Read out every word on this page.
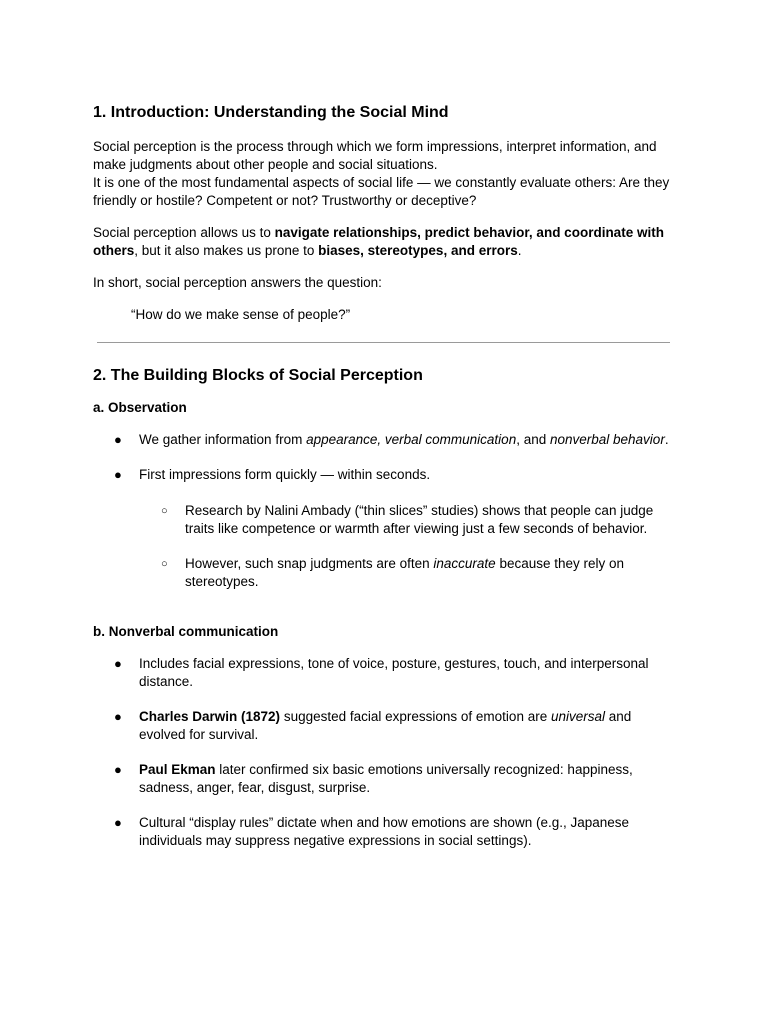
1. Introduction: Understanding the Social Mind

Social perception is the process through which we form impressions, interpret information, and make judgments about other people and social situations.
It is one of the most fundamental aspects of social life — we constantly evaluate others: Are they friendly or hostile? Competent or not? Trustworthy or deceptive?

Social perception allows us to navigate relationships, predict behavior, and coordinate with others, but it also makes us prone to biases, stereotypes, and errors.

In short, social perception answers the question:

“How do we make sense of people?”

2. The Building Blocks of Social Perception
a. Observation
● We gather information from appearance, verbal communication, and nonverbal behavior.
● First impressions form quickly — within seconds.
○ Research by Nalini Ambady (“thin slices” studies) shows that people can judge traits like competence or warmth after viewing just a few seconds of behavior.
○ However, such snap judgments are often inaccurate because they rely on stereotypes.
b. Nonverbal communication
● Includes facial expressions, tone of voice, posture, gestures, touch, and interpersonal distance.
● Charles Darwin (1872) suggested facial expressions of emotion are universal and evolved for survival.
● Paul Ekman later confirmed six basic emotions universally recognized: happiness, sadness, anger, fear, disgust, surprise.
● Cultural “display rules” dictate when and how emotions are shown (e.g., Japanese individuals may suppress negative expressions in social settings).
